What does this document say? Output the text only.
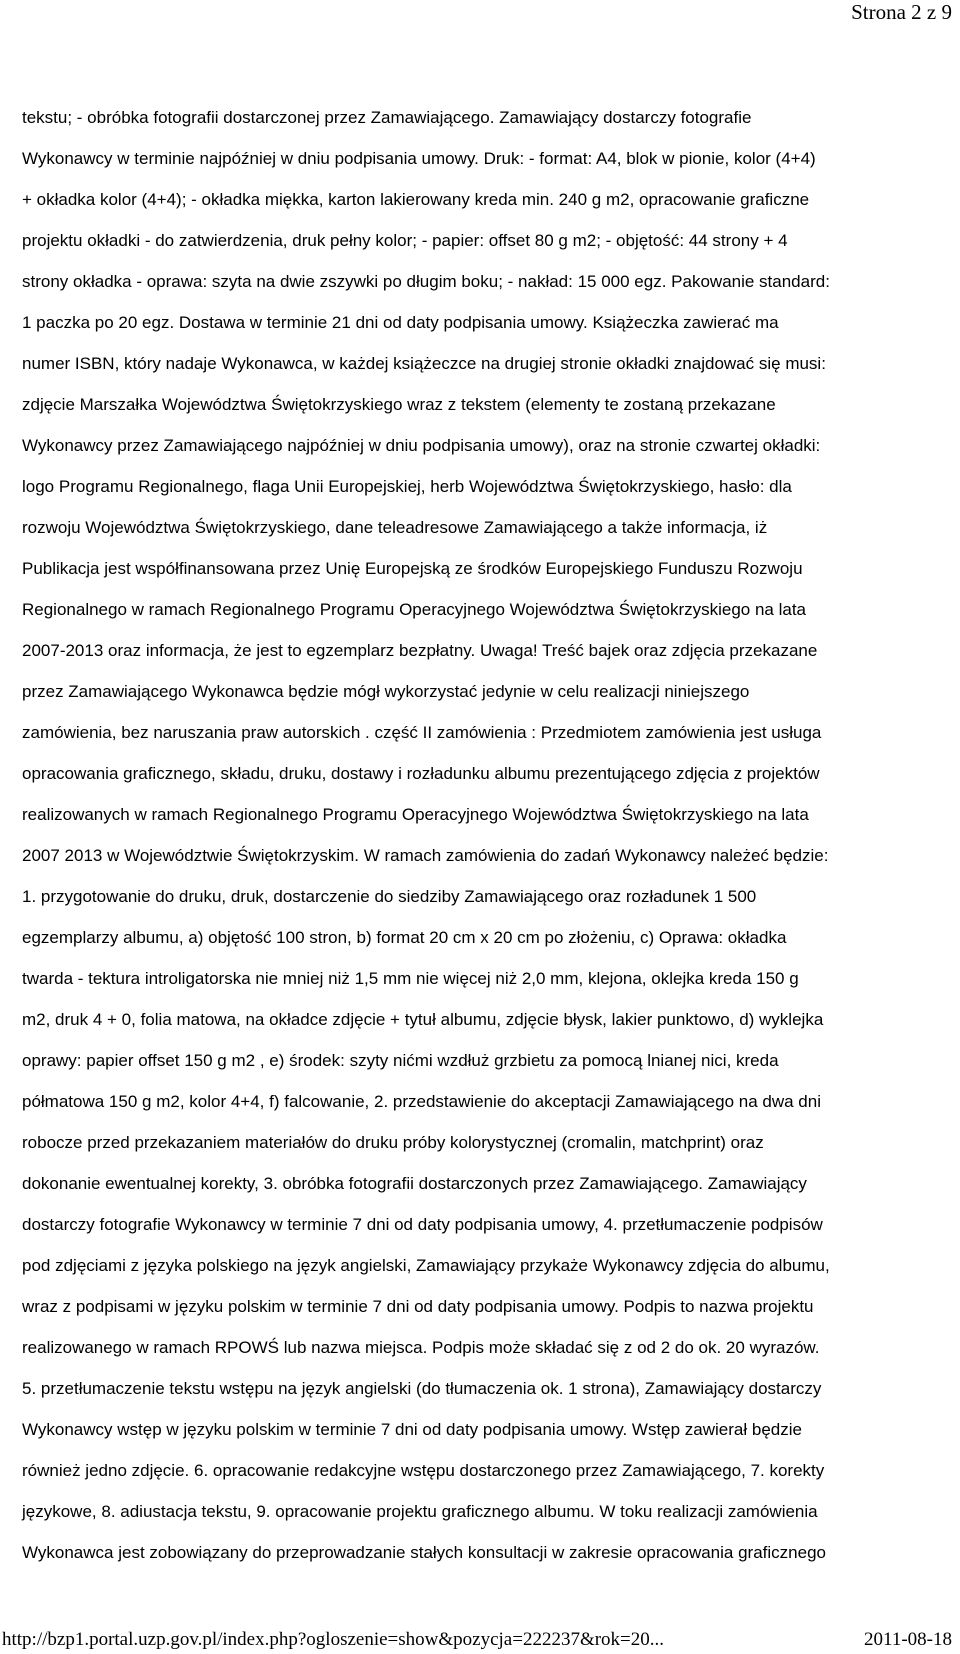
Strona 2 z 9
tekstu; - obróbka fotografii dostarczonej przez Zamawiającego. Zamawiający dostarczy fotografie
Wykonawcy w terminie najpóźniej w dniu podpisania umowy. Druk: - format: A4, blok w pionie, kolor (4+4)
+ okładka kolor (4+4); - okładka miękka, karton lakierowany kreda min. 240 g m2, opracowanie graficzne
projektu okładki - do zatwierdzenia, druk pełny kolor; - papier: offset 80 g m2; - objętość: 44 strony + 4
strony okładka - oprawa: szyta na dwie zszywki po długim boku; - nakład: 15 000 egz. Pakowanie standard:
1 paczka po 20 egz. Dostawa w terminie 21 dni od daty podpisania umowy. Książeczka zawierać ma
numer ISBN, który nadaje Wykonawca, w każdej książeczce na drugiej stronie okładki znajdować się musi:
zdjęcie Marszałka Województwa Świętokrzyskiego wraz z tekstem (elementy te zostaną przekazane
Wykonawcy przez Zamawiającego najpóźniej w dniu podpisania umowy), oraz na stronie czwartej okładki:
logo Programu Regionalnego, flaga Unii Europejskiej, herb Województwa Świętokrzyskiego, hasło: dla
rozwoju Województwa Świętokrzyskiego, dane teleadresowe Zamawiającego a także informacja, iż
Publikacja jest współfinansowana przez Unię Europejską ze środków Europejskiego Funduszu Rozwoju
Regionalnego w ramach Regionalnego Programu Operacyjnego Województwa Świętokrzyskiego na lata
2007-2013 oraz informacja, że jest to egzemplarz bezpłatny. Uwaga! Treść bajek oraz zdjęcia przekazane
przez Zamawiającego Wykonawca będzie mógł wykorzystać jedynie w celu realizacji niniejszego
zamówienia, bez naruszania praw autorskich . część II zamówienia : Przedmiotem zamówienia jest usługa
opracowania graficznego, składu, druku, dostawy i rozładunku albumu prezentującego zdjęcia z projektów
realizowanych w ramach Regionalnego Programu Operacyjnego Województwa Świętokrzyskiego na lata
2007 2013 w Województwie Świętokrzyskim. W ramach zamówienia do zadań Wykonawcy należeć będzie:
1. przygotowanie do druku, druk, dostarczenie do siedziby Zamawiającego oraz rozładunek 1 500
egzemplarzy albumu, a) objętość 100 stron, b) format 20 cm x 20 cm po złożeniu, c) Oprawa: okładka
twarda - tektura introligatorska nie mniej niż 1,5 mm nie więcej niż 2,0 mm, klejona, oklejka kreda 150 g
m2, druk 4 + 0, folia matowa, na okładce zdjęcie + tytuł albumu, zdjęcie błysk, lakier punktowo, d) wyklejka
oprawy: papier offset 150 g m2 , e) środek: szyty nićmi wzdłuż grzbietu za pomocą lnianej nici, kreda
półmatowa 150 g m2, kolor 4+4, f) falcowanie, 2. przedstawienie do akceptacji Zamawiającego na dwa dni
robocze przed przekazaniem materiałów do druku próby kolorystycznej (cromalin, matchprint) oraz
dokonanie ewentualnej korekty, 3. obróbka fotografii dostarczonych przez Zamawiającego. Zamawiający
dostarczy fotografie Wykonawcy w terminie 7 dni od daty podpisania umowy, 4. przetłumaczenie podpisów
pod zdjęciami z języka polskiego na język angielski, Zamawiający przykaże Wykonawcy zdjęcia do albumu,
wraz z podpisami w języku polskim w terminie 7 dni od daty podpisania umowy. Podpis to nazwa projektu
realizowanego w ramach RPOWŚ lub nazwa miejsca. Podpis może składać się z od 2 do ok. 20 wyrazów.
5. przetłumaczenie tekstu wstępu na język angielski (do tłumaczenia ok. 1 strona), Zamawiający dostarczy
Wykonawcy wstęp w języku polskim w terminie 7 dni od daty podpisania umowy. Wstęp zawierał będzie
również jedno zdjęcie. 6. opracowanie redakcyjne wstępu dostarczonego przez Zamawiającego, 7. korekty
językowe, 8. adiustacja tekstu, 9. opracowanie projektu graficznego albumu. W toku realizacji zamówienia
Wykonawca jest zobowiązany do przeprowadzanie stałych konsultacji w zakresie opracowania graficznego
http://bzp1.portal.uzp.gov.pl/index.php?ogloszenie=show&pozycja=222237&rok=20...	2011-08-18
